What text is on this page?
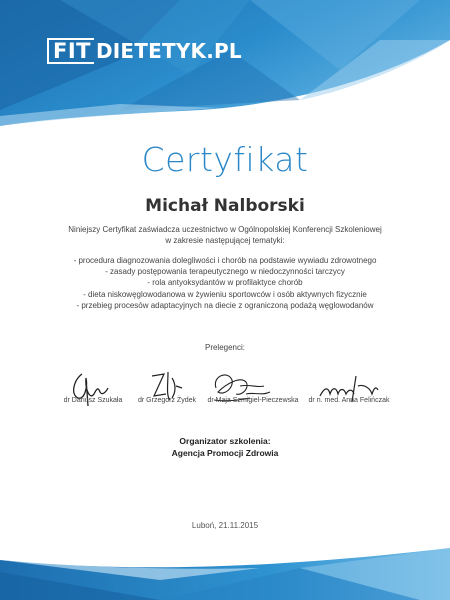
FIT DIETETYK.PL
Certyfikat
Michał Nalborski
Niniejszy Certyfikat zaświadcza uczestnictwo w Ogólnopolskiej Konferencji Szkoleniowej
w zakresie następującej tematyki:
- procedura diagnozowania dolegliwości i chorób na podstawie wywiadu zdrowotnego
- zasady postępowania terapeutycznego w niedoczynności tarczycy
- rola antyoksydantów w profilaktyce chorób
- dieta niskowęglowodanowa w żywieniu sportowców i osób aktywnych fizycznie
- przebieg procesów adaptacyjnych na diecie z ograniczoną podażą węglowodanów
Prelegenci:
dr Dariusz Szukała	dr Grzegorz Żydek	dr Maja Szmigiel-Pieczewska	dr n. med. Anna Felińczak
Organizator szkolenia:
Agencja Promocji Zdrowia
Luboń, 21.11.2015
